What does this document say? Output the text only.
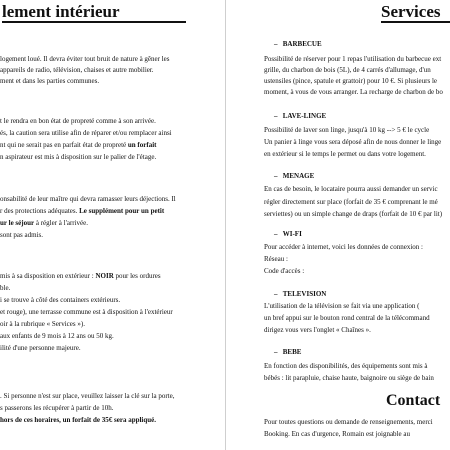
lement intérieur
logement loué. Il devra éviter tout bruit de nature à gêner les
appareils de radio, télévision, chaises et autre mobilier.
ment et dans les parties communes.
t le rendra en bon état de propreté comme à son arrivée.
és, la caution sera utilise afin de réparer et/ou remplacer ainsi
nt qui ne serait pas en parfait état de propreté un forfait
n aspirateur est mis à disposition sur le palier de l'étage.
onsabilité de leur maître qui devra ramasser leurs déjections. Il
r des protections adéquates. Le supplément pour un petit
ur le séjour à régler à l'arrivée.
sont pas admis.
mis à sa disposition en extérieur : NOIR pour les ordures
ble.
i se trouve à côté des containers extérieurs.
et rouge), une terrasse commune est à disposition à l'extérieur
oir à la rubrique « Services »).
aux enfants de 9 mois à 12 ans ou 50 kg.
ilité d'une personne majeure.
. Si personne n'est sur place, veuillez laisser la clé sur la porte,
s passerons les récupérer à partir de 10h.
hors de ces horaires, un forfait de 35€ sera appliqué.
Services
– BARBECUE
Possibilité de réserver pour 1 repas l'utilisation du barbecue ext
grille, du charbon de bois (5L), de 4 carrés d'allumage, d'un
ustensiles (pince, spatule et grattoir) pour 10 €. Si plusieurs le
moment, à vous de vous arranger. La recharge de charbon de bo
– LAVE-LINGE
Possibilité de laver son linge, jusqu'à 10 kg --> 5 € le cycle
Un panier à linge vous sera déposé afin de nous donner le linge
en extérieur si le temps le permet ou dans votre logement.
– MENAGE
En cas de besoin, le locataire pourra aussi demander un servic
régler directement sur place (forfait de 35 € comprenant le mé
serviettes) ou un simple change de draps (forfait de 10 € par lit)
– WI-FI
Pour accéder à internet, voici les données de connexion :
Réseau :
Code d'accès :
– TELEVISION
L'utilisation de la télévision se fait via une application (
un bref appui sur le bouton rond central de la télécommand
dirigez vous vers l'onglet « Chaînes ».
– BEBE
En fonction des disponibilités, des équipements sont mis à
bébés : lit parapluie, chaise haute, baignoire ou siège de bain
Contact
Pour toutes questions ou demande de renseignements, merci
Booking. En cas d'urgence, Romain est joignable au
